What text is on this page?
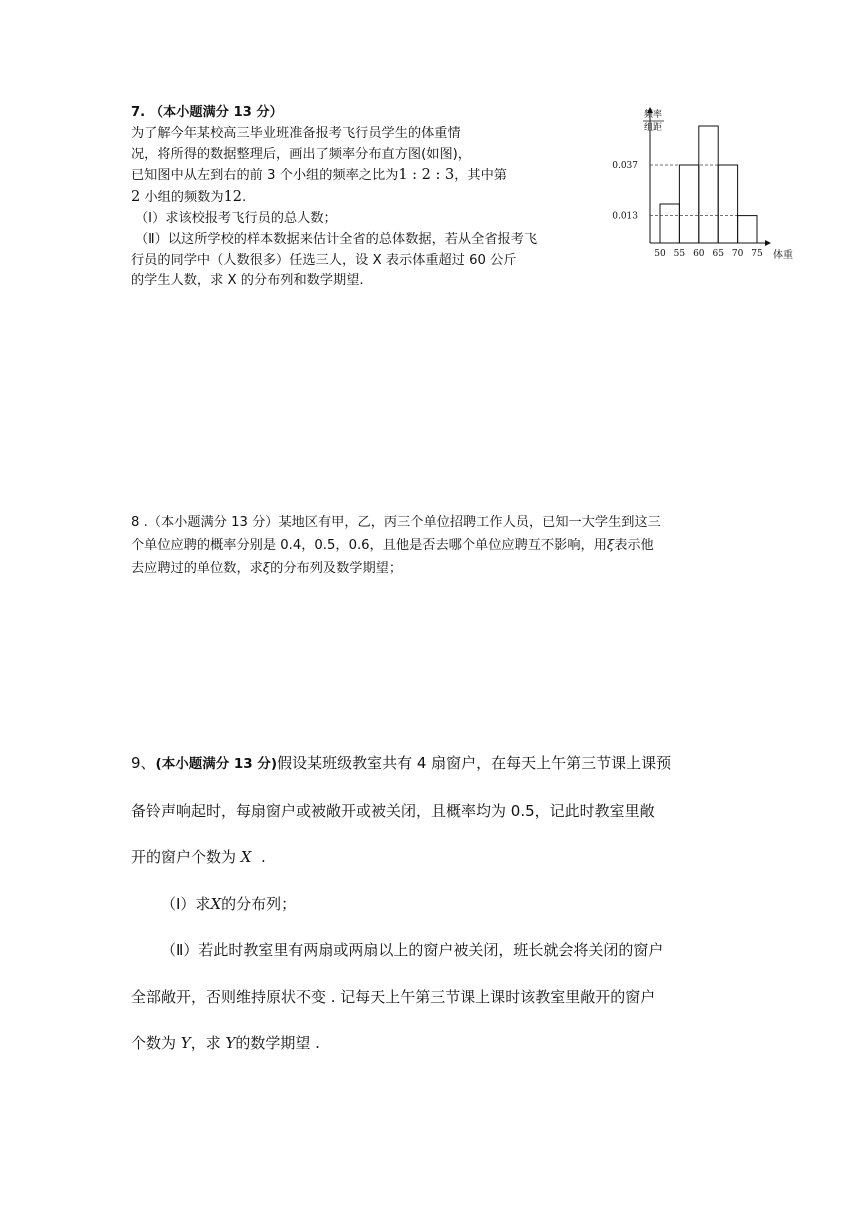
7. （本小题满分 13 分）
为了解今年某校高三毕业班准备报考飞行员学生的体重情
况，将所得的数据整理后，画出了频率分布直方图(如图)，
已知图中从左到右的前 3 个小组的频率之比为1 : 2 : 3，其中第
2 小组的频数为12.
（Ⅰ）求该校报考飞行员的总人数；
（Ⅱ）以这所学校的样本数据来估计全省的总体数据，若从全省报考飞
行员的同学中（人数很多）任选三人，设 X 表示体重超过 60 公斤
的学生人数，求 X 的分布列和数学期望.
频率
组距
体重
50 55 60 65 70 75
0.013
0.037
8 .（本小题满分 13 分）某地区有甲，乙，丙三个单位招聘工作人员，已知一大学生到这三
个单位应聘的概率分别是 0.4，0.5，0.6，且他是否去哪个单位应聘互不影响，用ξ表示他
去应聘过的单位数，求ξ的分布列及数学期望；
9、(本小题满分 13 分)假设某班级教室共有 4 扇窗户，在每天上午第三节课上课预
备铃声响起时，每扇窗户或被敞开或被关闭，且概率均为 0.5，记此时教室里敞
开的窗户个数为 X .
（Ⅰ）求X的分布列；
（Ⅱ）若此时教室里有两扇或两扇以上的窗户被关闭，班长就会将关闭的窗户
全部敞开，否则维持原状不变 . 记每天上午第三节课上课时该教室里敞开的窗户
个数为 Y，求 Y的数学期望 .
